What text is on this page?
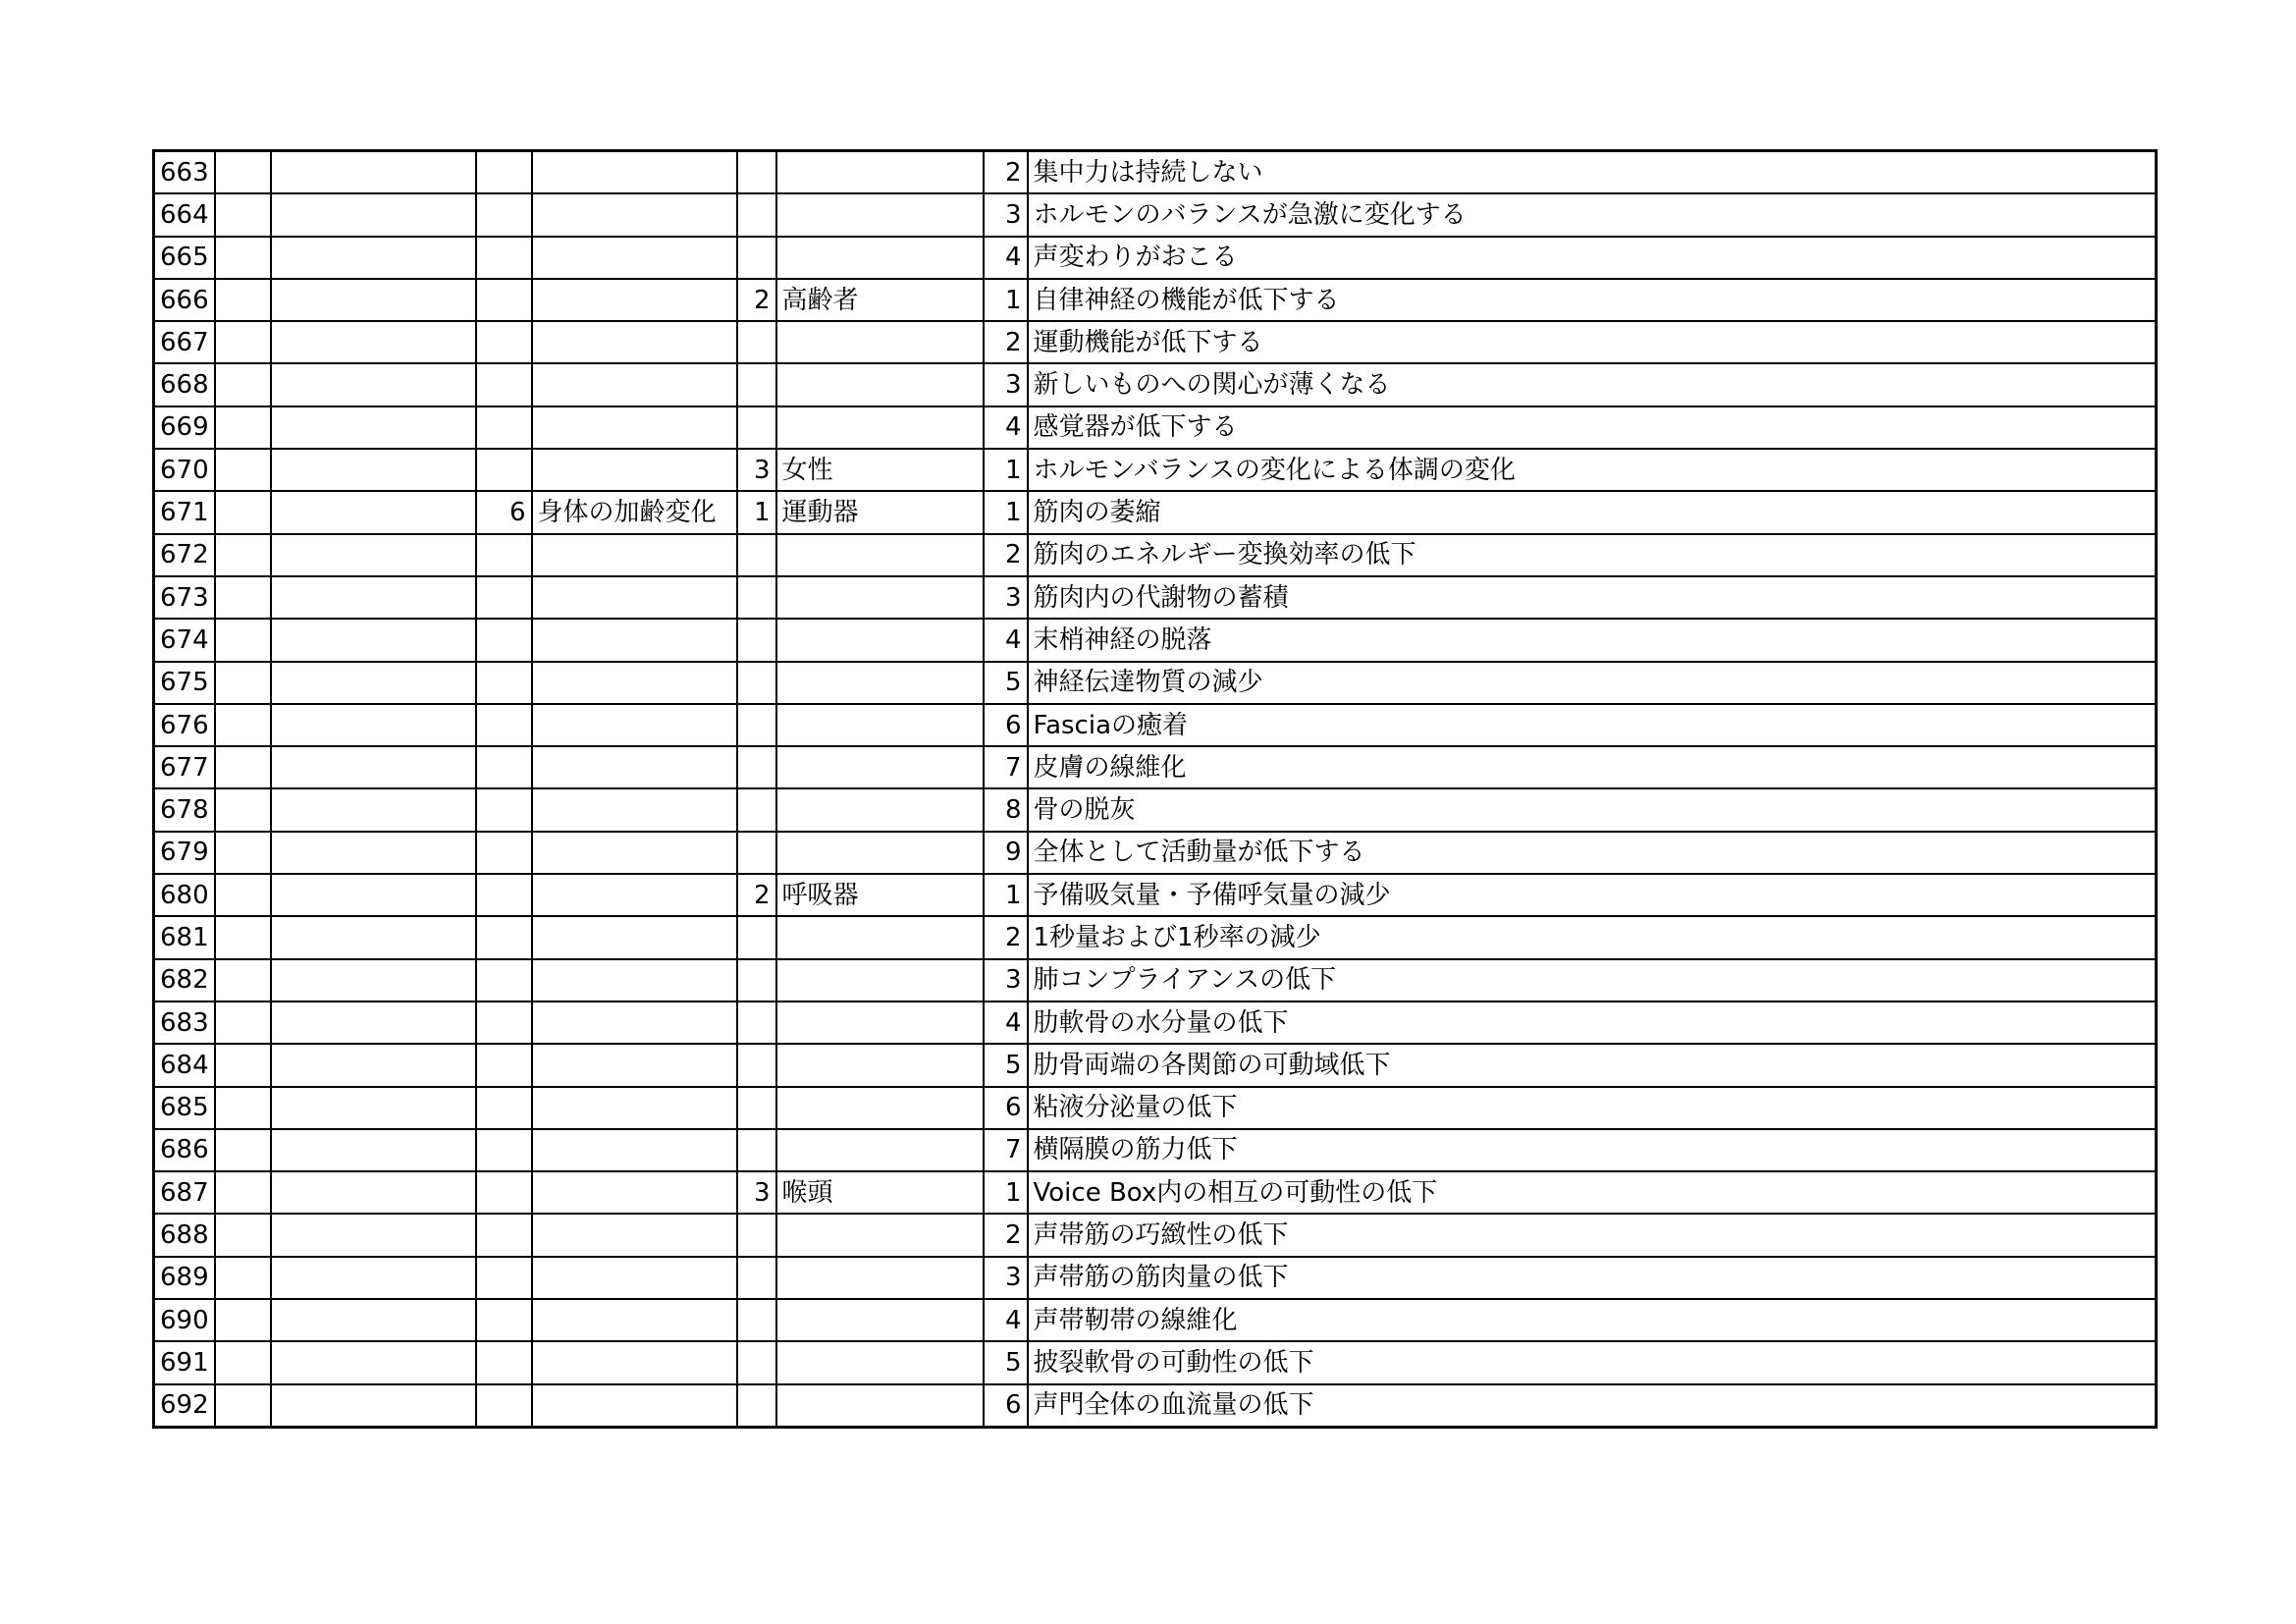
663							2	集中力は持続しない
664							3	ホルモンのバランスが急激に変化する
665							4	声変わりがおこる
666					2	高齢者	1	自律神経の機能が低下する
667							2	運動機能が低下する
668							3	新しいものへの関心が薄くなる
669							4	感覚器が低下する
670					3	女性	1	ホルモンバランスの変化による体調の変化
671			6	身体の加齢変化	1	運動器	1	筋肉の萎縮
672							2	筋肉のエネルギー変換効率の低下
673							3	筋肉内の代謝物の蓄積
674							4	末梢神経の脱落
675							5	神経伝達物質の減少
676							6	Fasciaの癒着
677							7	皮膚の線維化
678							8	骨の脱灰
679							9	全体として活動量が低下する
680					2	呼吸器	1	予備吸気量・予備呼気量の減少
681							2	1秒量および1秒率の減少
682							3	肺コンプライアンスの低下
683							4	肋軟骨の水分量の低下
684							5	肋骨両端の各関節の可動域低下
685							6	粘液分泌量の低下
686							7	横隔膜の筋力低下
687					3	喉頭	1	Voice Box内の相互の可動性の低下
688							2	声帯筋の巧緻性の低下
689							3	声帯筋の筋肉量の低下
690							4	声帯靭帯の線維化
691							5	披裂軟骨の可動性の低下
692							6	声門全体の血流量の低下
